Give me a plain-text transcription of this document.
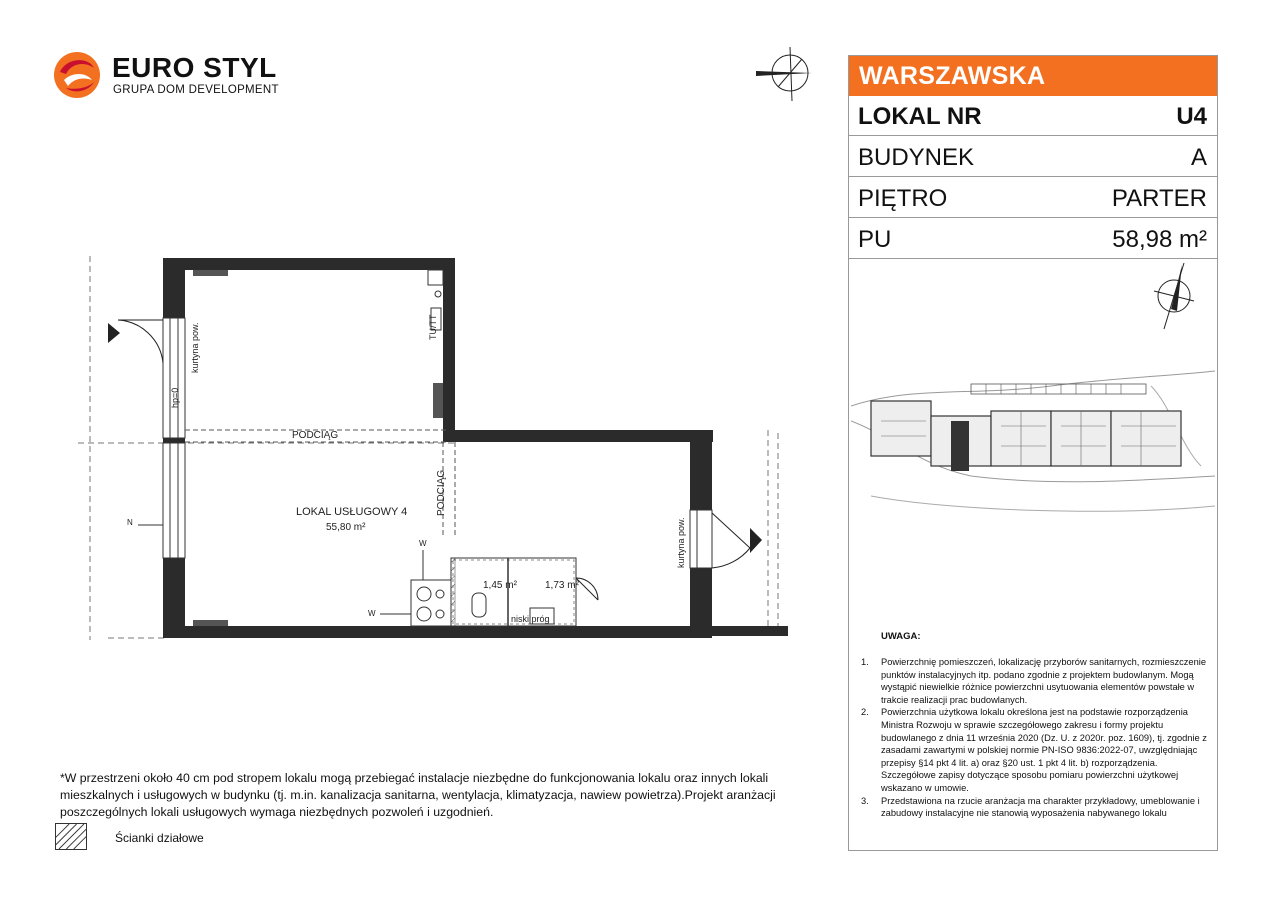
EURO STYL
GRUPA DOM DEVELOPMENT
PODCIĄG
PODCIĄG
LOKAL USŁUGOWY 4
55,80 m²
1,45 m²	1,73 m²
kurtyna pow.
kurtyna pow.
hp=0
TU/TT
niski próg
W
W
N
WARSZAWSKA
LOKAL NR	U4
BUDYNEK	A
PIĘTRO	PARTER
PU	58,98 m²
UWAGA:
1. Powierzchnię pomieszczeń, lokalizację przyborów sanitarnych, rozmieszczenie punktów instalacyjnych itp. podano zgodnie z projektem budowlanym. Mogą wystąpić niewielkie różnice powierzchni usytuowania elementów powstałe w trakcie realizacji prac budowlanych.
2. Powierzchnia użytkowa lokalu określona jest na podstawie rozporządzenia Ministra Rozwoju w sprawie szczegółowego zakresu i formy projektu budowlanego z dnia 11 września 2020 (Dz. U. z 2020r. poz. 1609), tj. zgodnie z zasadami zawartymi w polskiej normie PN-ISO 9836:2022-07, uwzględniając przepisy §14 pkt 4 lit. a) oraz §20 ust. 1 pkt 4 lit. b) rozporządzenia. Szczegółowe zapisy dotyczące sposobu pomiaru powierzchni użytkowej wskazano w umowie.
3. Przedstawiona na rzucie aranżacja ma charakter przykładowy, umeblowanie i zabudowy instalacyjne nie stanowią wyposażenia nabywanego lokalu
*W przestrzeni około 40 cm pod stropem lokalu mogą przebiegać instalacje niezbędne do funkcjonowania lokalu oraz innych lokali mieszkalnych i usługowych w budynku (tj. m.in. kanalizacja sanitarna, wentylacja, klimatyzacja, nawiew powietrza).Projekt aranżacji poszczególnych lokali usługowych wymaga niezbędnych pozwoleń i uzgodnień.
Ścianki działowe
